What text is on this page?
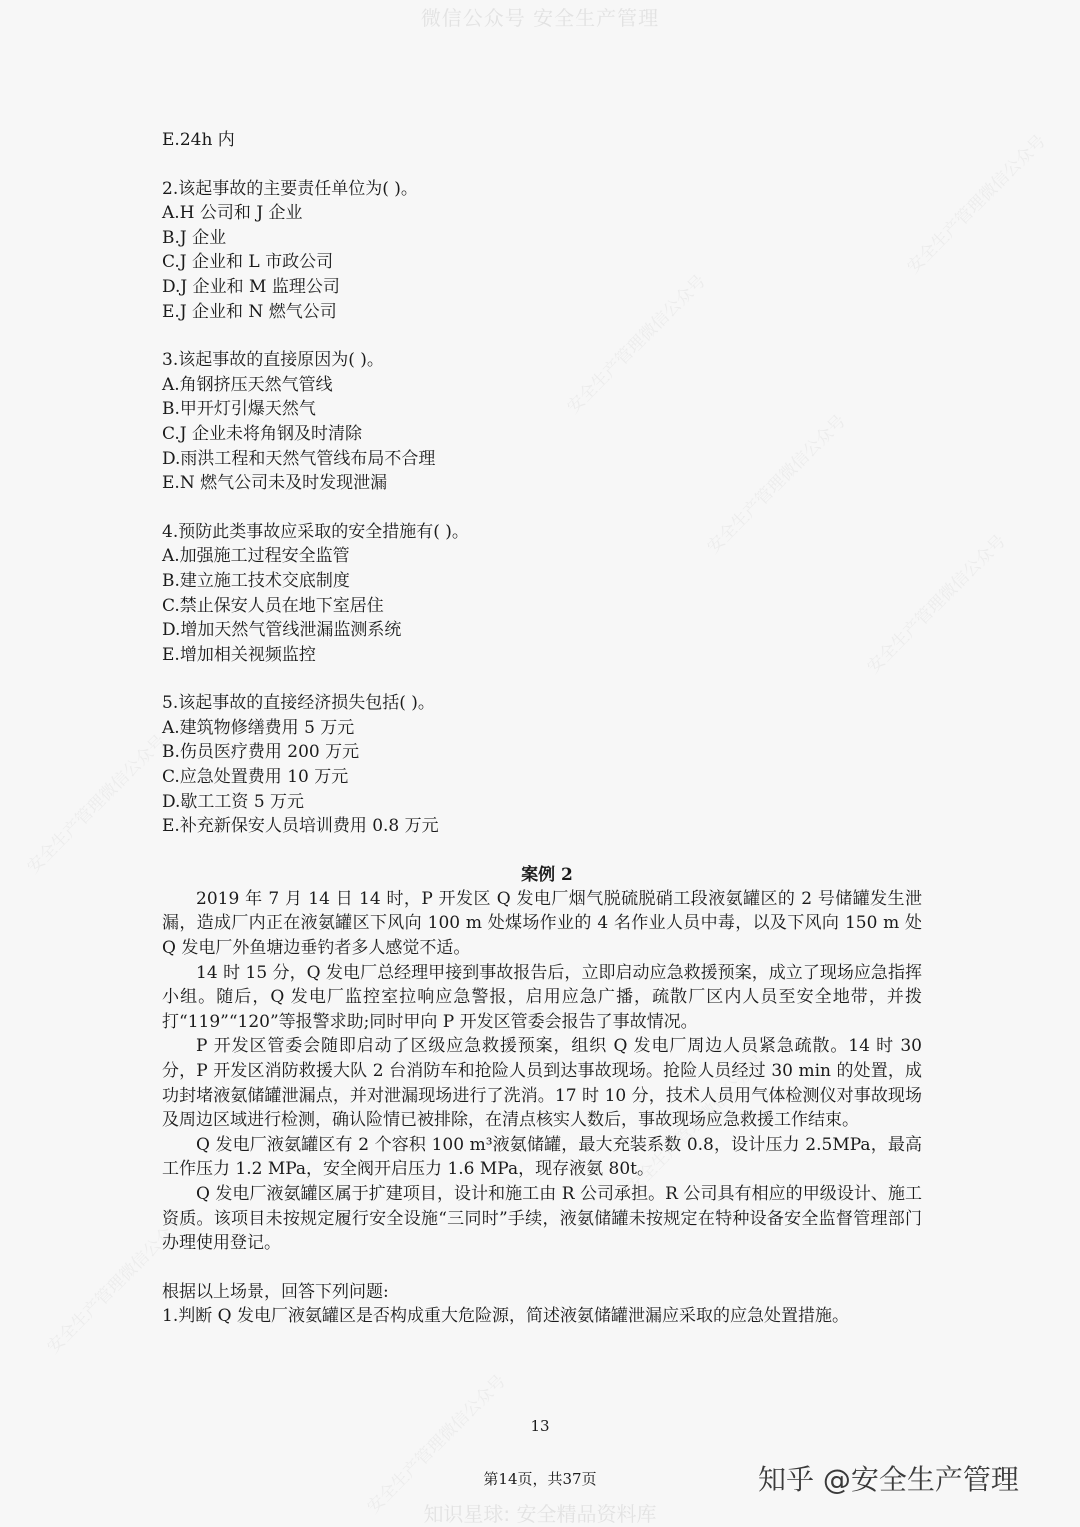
微信公众号 安全生产管理
安全生产管理微信公众号
安全生产管理微信公众号
安全生产管理微信公众号
安全生产管理微信公众号
安全生产管理微信公众号
安全生产管理微信公众号
安全生产管理微信公众号
安全生产管理微信公众号
E.24h 内
2.该起事故的主要责任单位为( )。
A.H 公司和 J 企业
B.J 企业
C.J 企业和 L 市政公司
D.J 企业和 M 监理公司
E.J 企业和 N 燃气公司
3.该起事故的直接原因为( )。
A.角钢挤压天然气管线
B.甲开灯引爆天然气
C.J 企业未将角钢及时清除
D.雨洪工程和天然气管线布局不合理
E.N 燃气公司未及时发现泄漏
4.预防此类事故应采取的安全措施有( )。
A.加强施工过程安全监管
B.建立施工技术交底制度
C.禁止保安人员在地下室居住
D.增加天然气管线泄漏监测系统
E.增加相关视频监控
5.该起事故的直接经济损失包括( )。
A.建筑物修缮费用 5 万元
B.伤员医疗费用 200 万元
C.应急处置费用 10 万元
D.歇工工资 5 万元
E.补充新保安人员培训费用 0.8 万元
案例 2
2019 年 7 月 14 日 14 时，P 开发区 Q 发电厂烟气脱硫脱硝工段液氨罐区的 2 号储罐发生泄漏，造成厂内正在液氨罐区下风向 100 m 处煤场作业的 4 名作业人员中毒，以及下风向 150 m 处 Q 发电厂外鱼塘边垂钓者多人感觉不适。
14 时 15 分，Q 发电厂总经理甲接到事故报告后，立即启动应急救援预案，成立了现场应急指挥小组。随后，Q 发电厂监控室拉响应急警报，启用应急广播，疏散厂区内人员至安全地带，并拨打“119”“120”等报警求助;同时甲向 P 开发区管委会报告了事故情况。
P 开发区管委会随即启动了区级应急救援预案，组织 Q 发电厂周边人员紧急疏散。14 时 30 分，P 开发区消防救援大队 2 台消防车和抢险人员到达事故现场。抢险人员经过 30 min 的处置，成功封堵液氨储罐泄漏点，并对泄漏现场进行了洗消。17 时 10 分，技术人员用气体检测仪对事故现场及周边区域进行检测，确认险情已被排除，在清点核实人数后，事故现场应急救援工作结束。
Q 发电厂液氨罐区有 2 个容积 100 m³液氨储罐，最大充装系数 0.8，设计压力 2.5MPa，最高工作压力 1.2 MPa，安全阀开启压力 1.6 MPa，现存液氨 80t。
Q 发电厂液氨罐区属于扩建项目，设计和施工由 R 公司承担。R 公司具有相应的甲级设计、施工资质。该项目未按规定履行安全设施“三同时”手续，液氨储罐未按规定在特种设备安全监督管理部门办理使用登记。
根据以上场景，回答下列问题:
1.判断 Q 发电厂液氨罐区是否构成重大危险源，简述液氨储罐泄漏应采取的应急处置措施。
13
第14页，共37页	知乎 @安全生产管理
知识星球: 安全精品资料库
